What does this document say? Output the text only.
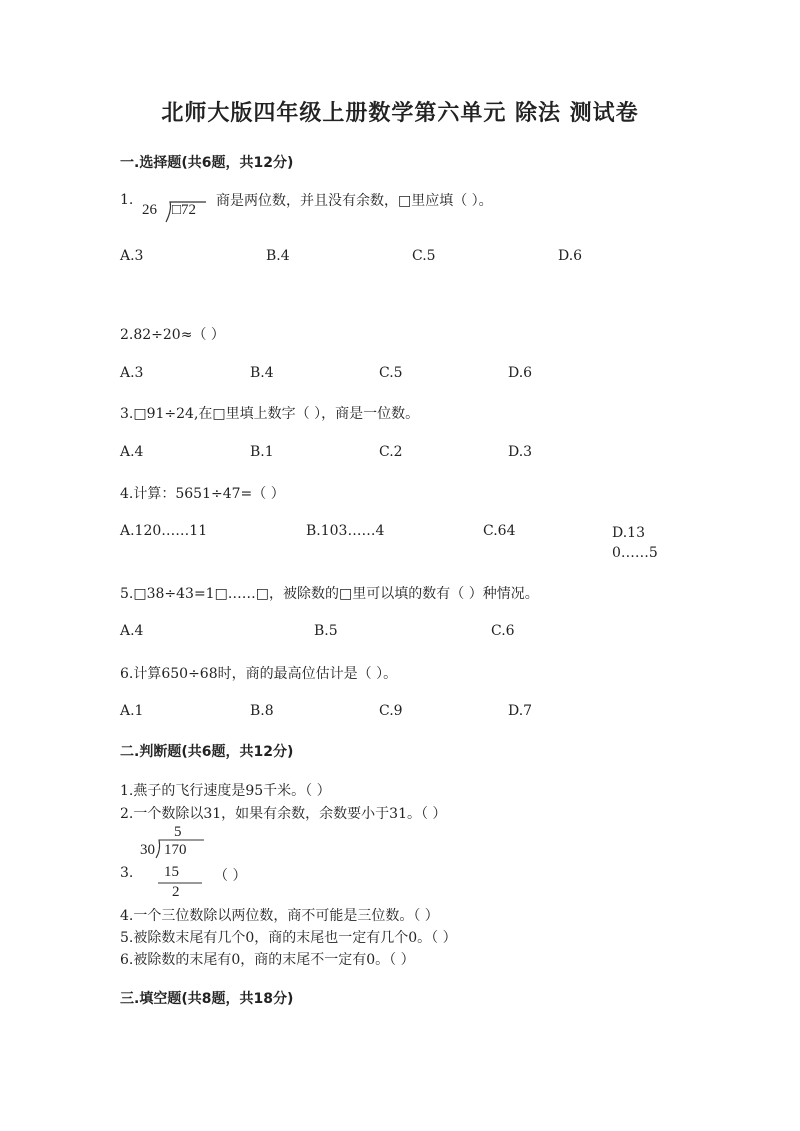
北师大版四年级上册数学第六单元 除法 测试卷
一.选择题(共6题，共12分)
1.
26 □72
商是两位数，并且没有余数，□里应填（ ）。
A.3	B.4	C.5	D.6
2.82÷20≈（ ）
A.3	B.4	C.5	D.6
3.□91÷24,在□里填上数字（ ），商是一位数。
A.4	B.1	C.2	D.3
4.计算：5651÷47=（ ）
A.120……11	B.103……4	C.64	D.130……5
5.□38÷43=1□……□，被除数的□里可以填的数有（ ）种情况。
A.4	B.5	C.6
6.计算650÷68时，商的最高位估计是（ ）。
A.1	B.8	C.9	D.7
二.判断题(共6题，共12分)
1.燕子的飞行速度是95千米。（ ）
2.一个数除以31，如果有余数，余数要小于31。（ ）
5
30 170
15
2
3.	（ ）
4.一个三位数除以两位数，商不可能是三位数。（ ）
5.被除数末尾有几个0，商的末尾也一定有几个0。（ ）
6.被除数的末尾有0，商的末尾不一定有0。（ ）
三.填空题(共8题，共18分)
